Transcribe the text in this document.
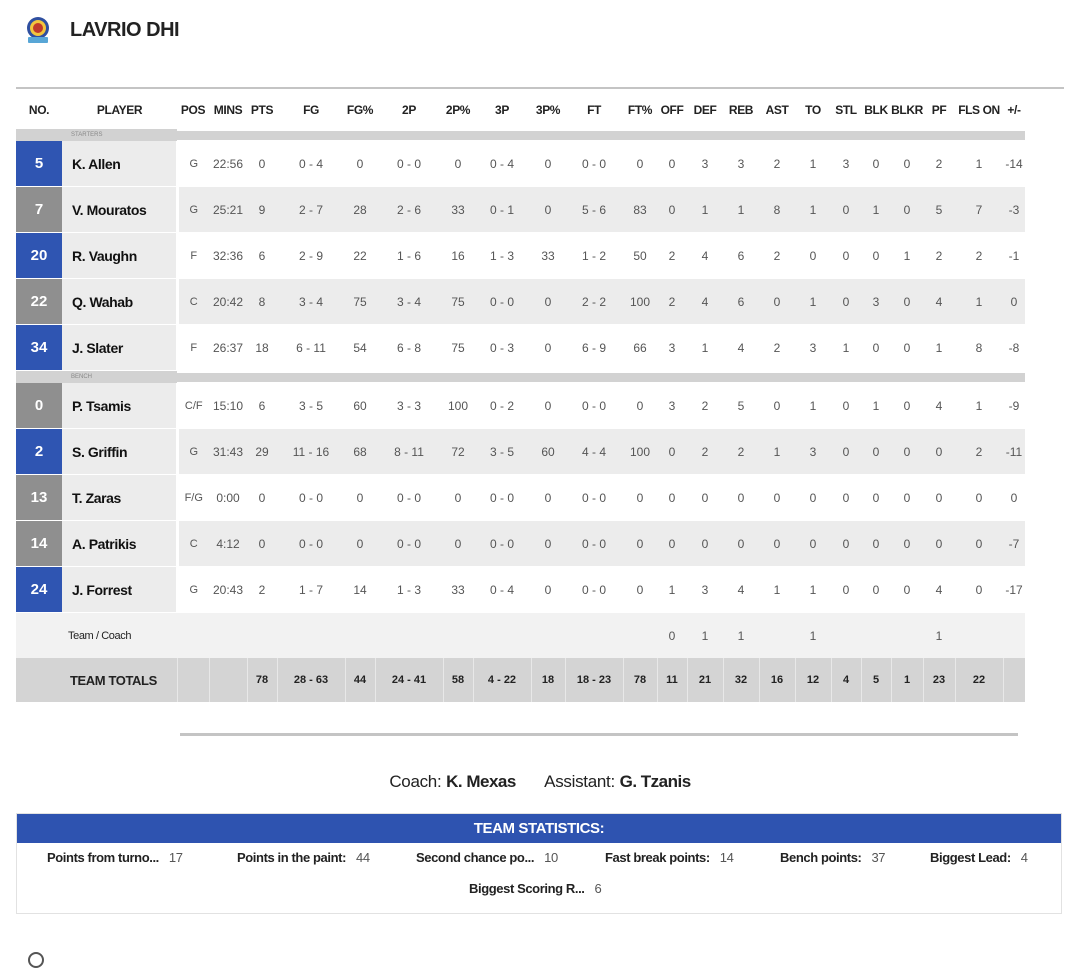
LAVRIO DHI
NO.	PLAYER	POS	MINS	PTS	FG	FG%	2P	2P%	3P	3P%	FT	FT%	OFF	DEF	REB	AST	TO	STL	BLK	BLKR	PF	FLS ON	+/-
STARTERS																							

5	K. Allen	G	22:56	0	0 - 4	0	0 - 0	0	0 - 4	0	0 - 0	0	0	3	3	2	1	3	0	0	2	1	-14
7	V. Mouratos	G	25:21	9	2 - 7	28	2 - 6	33	0 - 1	0	5 - 6	83	0	1	1	8	1	0	1	0	5	7	-3
20	R. Vaughn	F	32:36	6	2 - 9	22	1 - 6	16	1 - 3	33	1 - 2	50	2	4	6	2	0	0	0	1	2	2	-1
22	Q. Wahab	C	20:42	8	3 - 4	75	3 - 4	75	0 - 0	0	2 - 2	100	2	4	6	0	1	0	3	0	4	1	0
34	J. Slater	F	26:37	18	6 - 11	54	6 - 8	75	0 - 3	0	6 - 9	66	3	1	4	2	3	1	0	0	1	8	-8
BENCH																							

0	P. Tsamis	C/F	15:10	6	3 - 5	60	3 - 3	100	0 - 2	0	0 - 0	0	3	2	5	0	1	0	1	0	4	1	-9
2	S. Griffin	G	31:43	29	11 - 16	68	8 - 11	72	3 - 5	60	4 - 4	100	0	2	2	1	3	0	0	0	0	2	-11
13	T. Zaras	F/G	0:00	0	0 - 0	0	0 - 0	0	0 - 0	0	0 - 0	0	0	0	0	0	0	0	0	0	0	0	0
14	A. Patrikis	C	4:12	0	0 - 0	0	0 - 0	0	0 - 0	0	0 - 0	0	0	0	0	0	0	0	0	0	0	0	-7
24	J. Forrest	G	20:43	2	1 - 7	14	1 - 3	33	0 - 4	0	0 - 0	0	1	3	4	1	1	0	0	0	4	0	-17
Team / Coach													0	1	1		1				1		
TEAM TOTALS				78	28 - 63	44	24 - 41	58	4 - 22	18	18 - 23	78	11	21	32	16	12	4	5	1	23	22	
Coach: K. Mexas Assistant: G. Tzanis
TEAM STATISTICS:
Points from turno... 17	Points in the paint: 44	Second chance po... 10	Fast break points: 14	Bench points: 37	Biggest Lead: 4
Biggest Scoring R... 6
